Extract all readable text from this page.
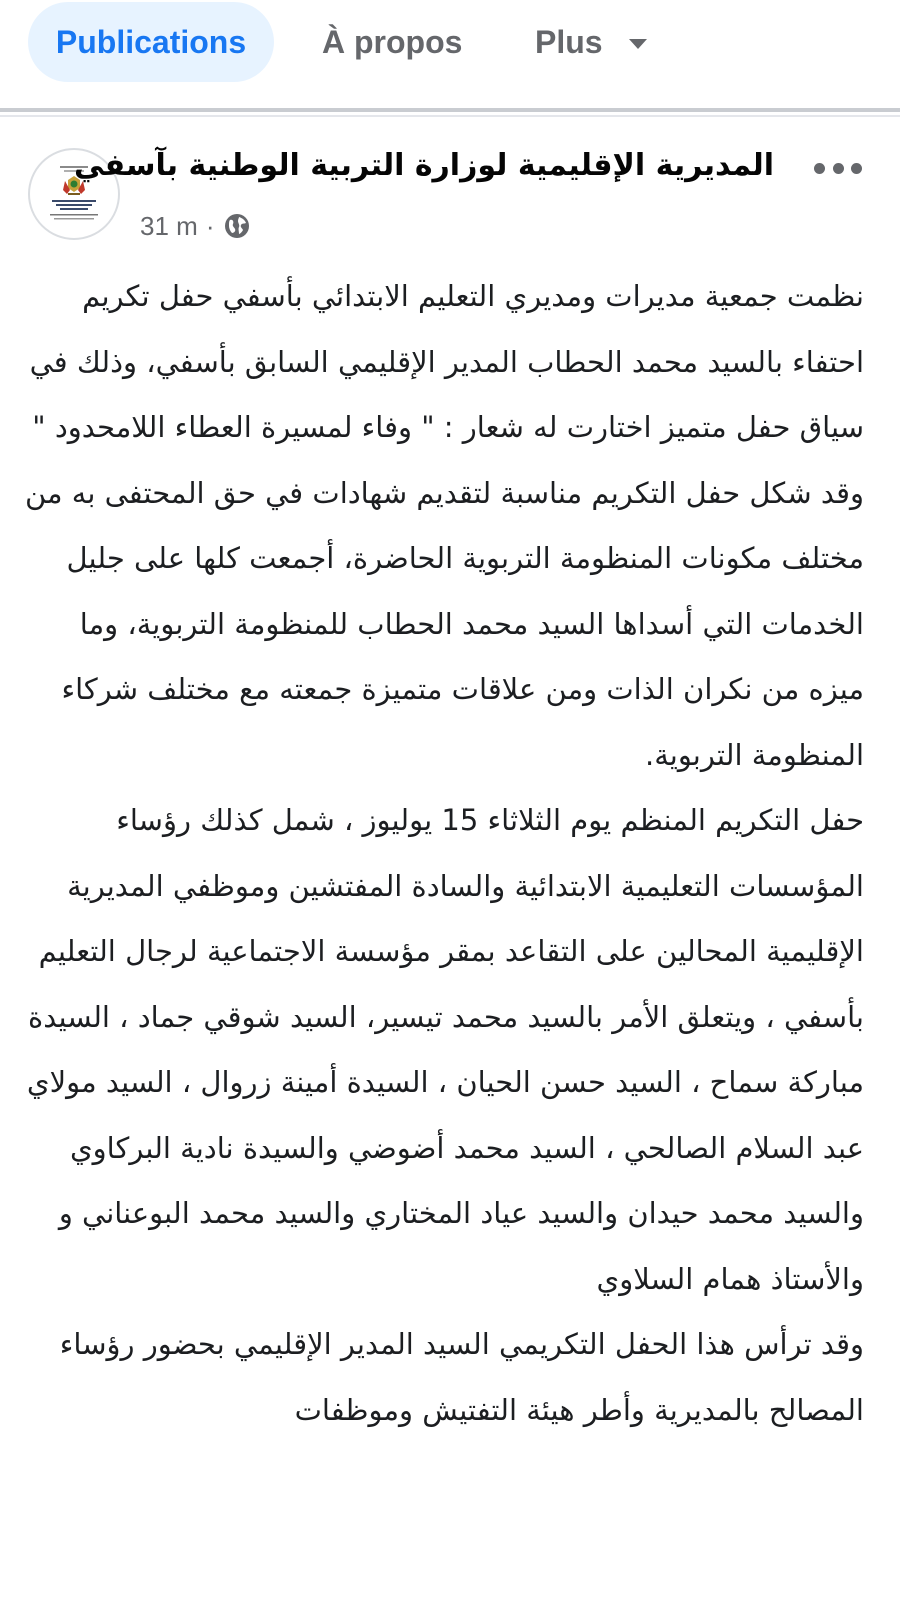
Publications À propos Plus
المديرية الإقليمية لوزارة التربية الوطنية بآسفي
31 m ·

نظمت جمعية مديرات ومديري التعليم الابتدائي بأسفي حفل تكريم احتفاء بالسيد محمد الحطاب المدير الإقليمي السابق بأسفي، وذلك في سياق حفل متميز اختارت له شعار : " وفاء لمسيرة العطاء اللامحدود "

وقد شكل حفل التكريم مناسبة لتقديم شهادات في حق المحتفى به من مختلف مكونات المنظومة التربوية الحاضرة، أجمعت كلها على جليل الخدمات التي أسداها السيد محمد الحطاب للمنظومة التربوية، وما ميزه من نكران الذات ومن علاقات متميزة جمعته مع مختلف شركاء المنظومة التربوية.

حفل التكريم المنظم يوم الثلاثاء 15 يوليوز ، شمل كذلك رؤساء المؤسسات التعليمية الابتدائية والسادة المفتشين وموظفي المديرية الإقليمية المحالين على التقاعد بمقر مؤسسة الاجتماعية لرجال التعليم بأسفي ، ويتعلق الأمر بالسيد محمد تيسير، السيد شوقي جماد ، السيدة مباركة سماح ، السيد حسن الحيان ، السيدة أمينة زروال ، السيد مولاي عبد السلام الصالحي ، السيد محمد أضوضي والسيدة نادية البركاوي والسيد محمد حيدان والسيد عياد المختاري والسيد محمد البوعناني و والأستاذ همام السلاوي

وقد ترأس هذا الحفل التكريمي السيد المدير الإقليمي بحضور رؤساء المصالح بالمديرية وأطر هيئة التفتيش وموظفات
